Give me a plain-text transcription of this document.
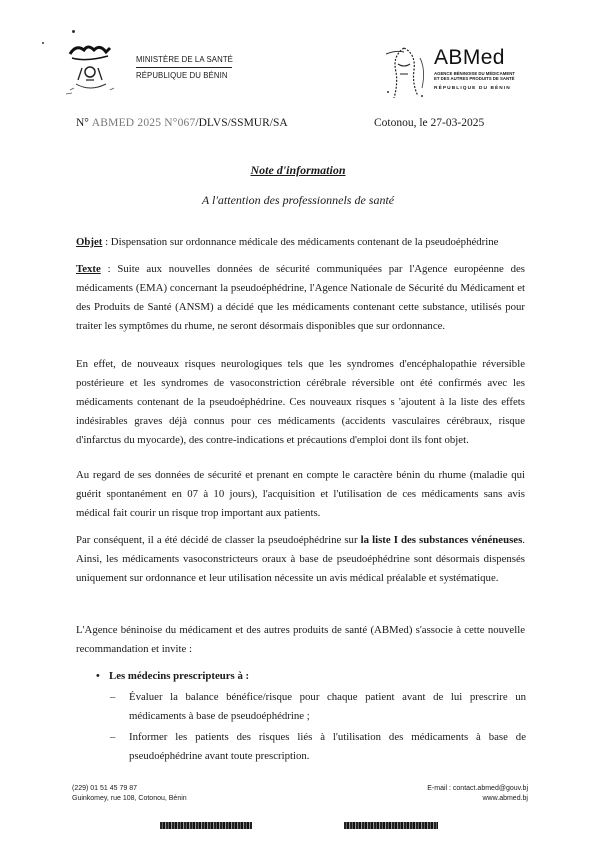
MINISTÈRE DE LA SANTÉ
RÉPUBLIQUE DU BÉNIN
ABMed
AGENCE BÉNINOISE DU MÉDICAMENT
ET DES AUTRES PRODUITS DE SANTÉ
RÉPUBLIQUE DU BÉNIN
N° ABMED 2025 N°067/DLVS/SSMUR/SA	Cotonou, le 27-03-2025
Note d'information
A l'attention des professionnels de santé

Objet : Dispensation sur ordonnance médicale des médicaments contenant de la pseudoéphédrine

Texte : Suite aux nouvelles données de sécurité communiquées par l'Agence européenne des médicaments (EMA) concernant la pseudoéphédrine, l'Agence Nationale de Sécurité du Médicament et des Produits de Santé (ANSM) a décidé que les médicaments contenant cette substance, utilisés pour traiter les symptômes du rhume, ne seront désormais disponibles que sur ordonnance.

En effet, de nouveaux risques neurologiques tels que les syndromes d'encéphalopathie réversible postérieure et les syndromes de vasoconstriction cérébrale réversible ont été confirmés avec les médicaments contenant de la pseudoéphédrine. Ces nouveaux risques s 'ajoutent à la liste des effets indésirables graves déjà connus pour ces médicaments (accidents vasculaires cérébraux, risque d'infarctus du myocarde), des contre-indications et précautions d'emploi dont ils font objet.

Au regard de ses données de sécurité et prenant en compte le caractère bénin du rhume (maladie qui guérit spontanément en 07 à 10 jours), l'acquisition et l'utilisation de ces médicaments sans avis médical fait courir un risque trop important aux patients.

Par conséquent, il a été décidé de classer la pseudoéphédrine sur la liste I des substances vénéneuses. Ainsi, les médicaments vasoconstricteurs oraux à base de pseudoéphédrine sont désormais dispensés uniquement sur ordonnance et leur utilisation nécessite un avis médical préalable et systématique.

L'Agence béninoise du médicament et des autres produits de santé (ABMed) s'associe à cette nouvelle recommandation et invite :

• Les médecins prescripteurs à :
– Évaluer la balance bénéfice/risque pour chaque patient avant de lui prescrire un médicaments à base de pseudoéphédrine ;
– Informer les patients des risques liés à l'utilisation des médicaments à base de pseudoéphédrine avant toute prescription.
(229) 01 51 45 79 87
Guinkomey, rue 108, Cotonou, Bénin
E-mail : contact.abmed@gouv.bj
www.abmed.bj
